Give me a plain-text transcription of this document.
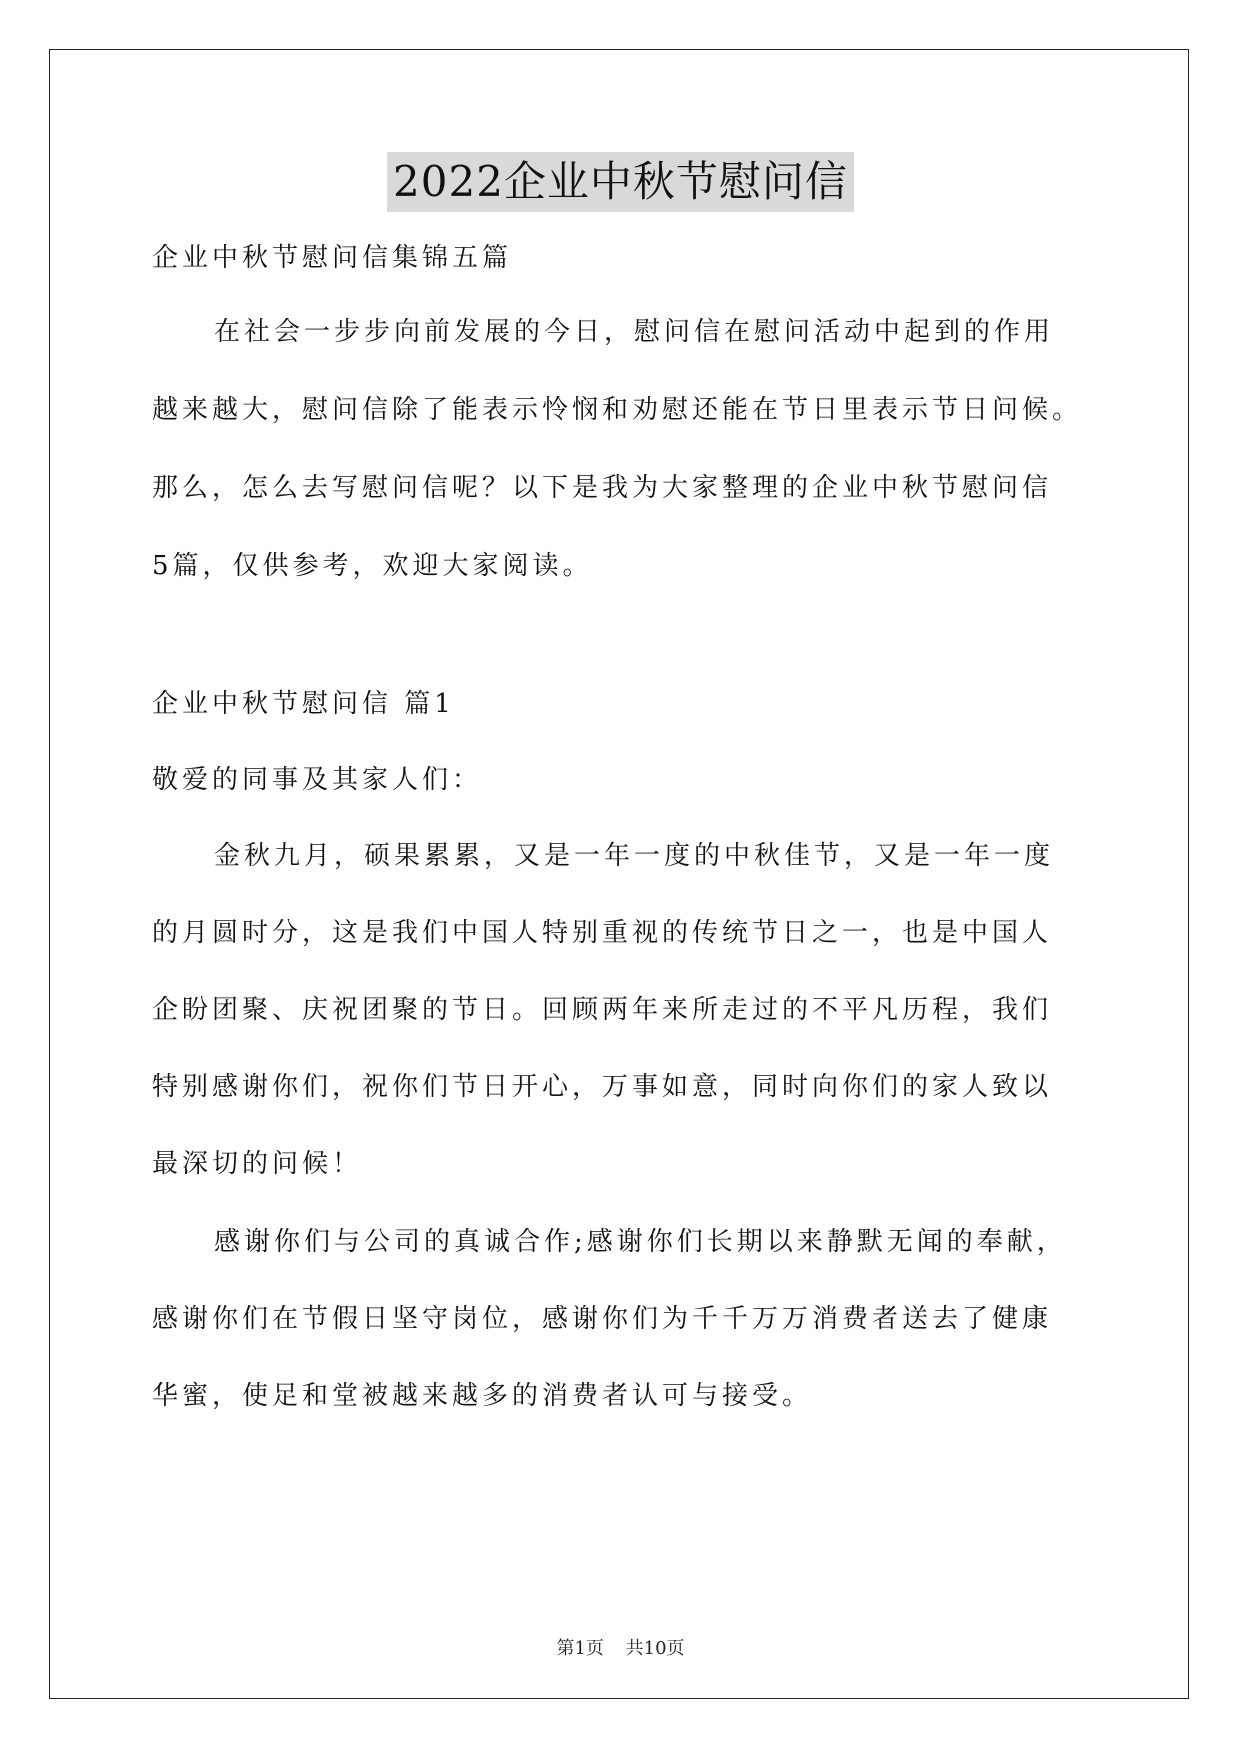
2022企业中秋节慰问信
企业中秋节慰问信集锦五篇
在社会一步步向前发展的今日，慰问信在慰问活动中起到的作用
越来越大，慰问信除了能表示怜悯和劝慰还能在节日里表示节日问候。
那么，怎么去写慰问信呢？以下是我为大家整理的企业中秋节慰问信
5篇，仅供参考，欢迎大家阅读。
企业中秋节慰问信 篇1
敬爱的同事及其家人们：
金秋九月，硕果累累，又是一年一度的中秋佳节，又是一年一度
的月圆时分，这是我们中国人特别重视的传统节日之一，也是中国人
企盼团聚、庆祝团聚的节日。回顾两年来所走过的不平凡历程，我们
特别感谢你们，祝你们节日开心，万事如意，同时向你们的家人致以
最深切的问候！
感谢你们与公司的真诚合作;感谢你们长期以来静默无闻的奉献，
感谢你们在节假日坚守岗位，感谢你们为千千万万消费者送去了健康
华蜜，使足和堂被越来越多的消费者认可与接受。
第1页 共10页
